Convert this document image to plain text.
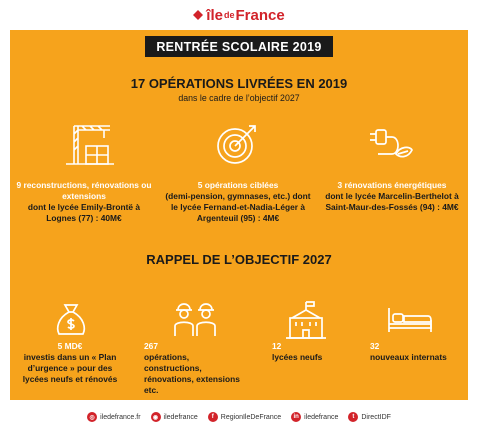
île de France
RENTRÉE SCOLAIRE 2019
17 OPÉRATIONS LIVRÉES EN 2019
dans le cadre de l’objectif 2027
9 reconstructions, rénovations ou extensions
dont le lycée Emily-Brontë à Lognes (77) : 40M€
5 opérations ciblées
(demi-pension, gymnases, etc.) dont le lycée Fernand-et-Nadia-Léger à Argenteuil (95) : 4M€
3 rénovations énergétiques
dont le lycée Marcelin-Berthelot à Saint-Maur-des-Fossés (94) : 4M€
RAPPEL DE L’OBJECTIF 2027
5 MD€
investis dans un « Plan d’urgence » pour des lycées neufs et rénovés
267
opérations, constructions, rénovations, extensions etc.
12
lycées neufs
32
nouveaux internats
◎ iledefrance.fr	◉ iledefrance	f	RegionIleDeFrance	in iledefrance	t	DirectIDF
